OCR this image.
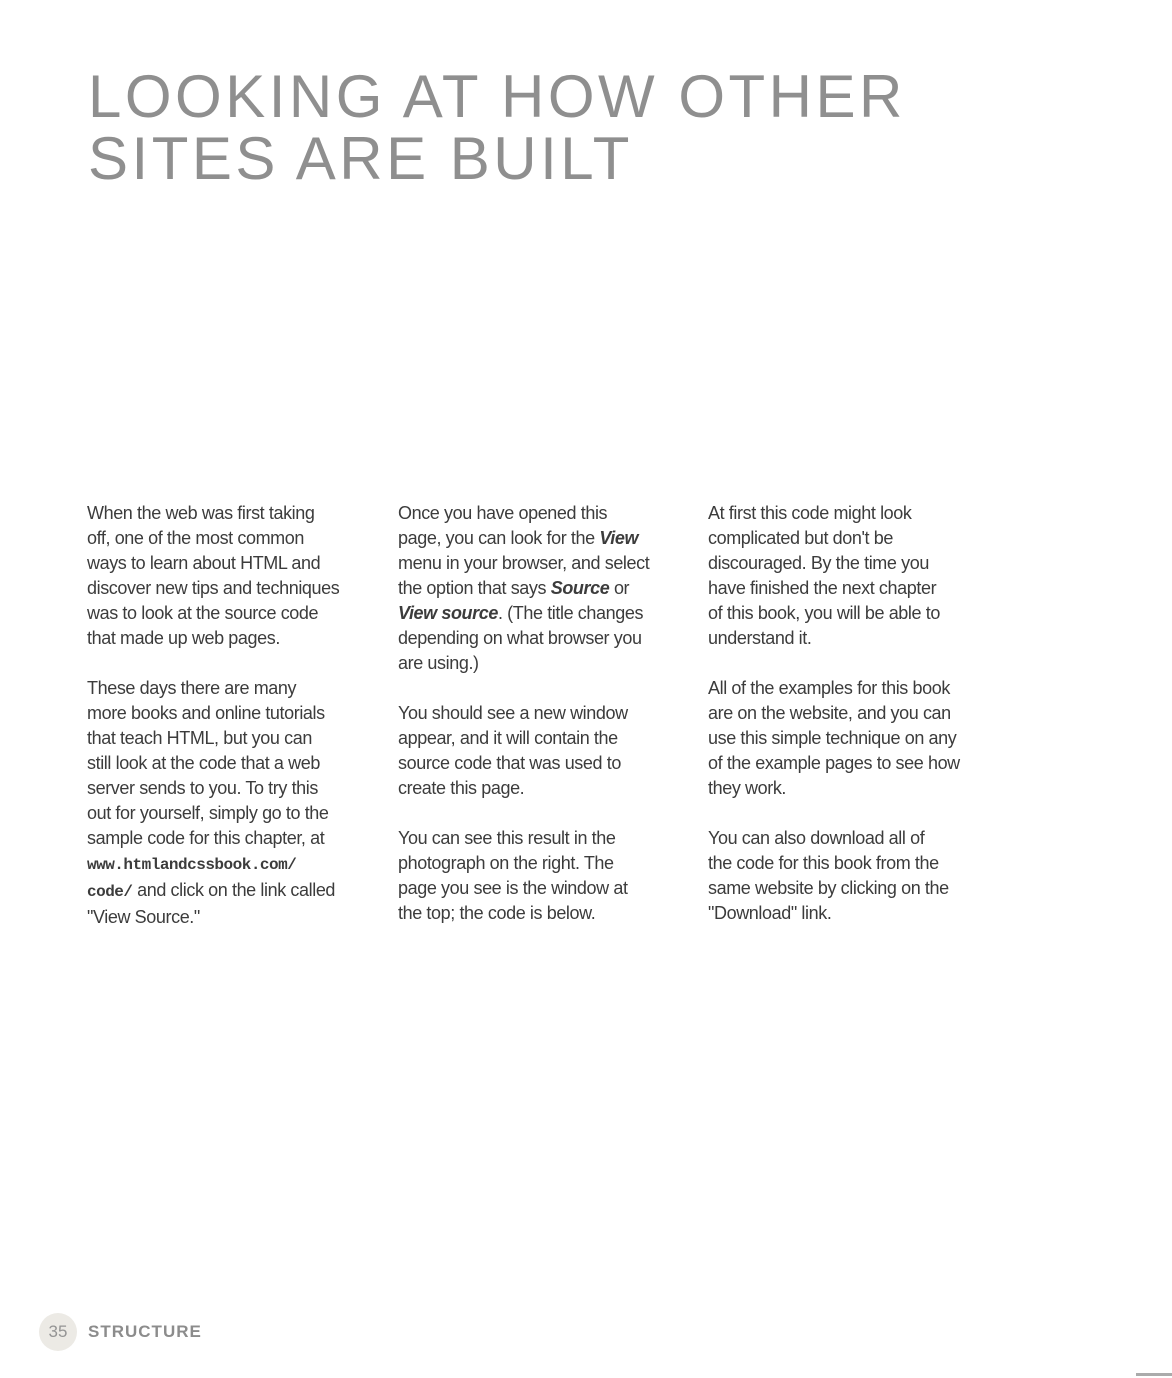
LOOKING AT HOW OTHER
SITES ARE BUILT
When the web was first taking
off, one of the most common
ways to learn about HTML and
discover new tips and techniques
was to look at the source code
that made up web pages.
These days there are many
more books and online tutorials
that teach HTML, but you can
still look at the code that a web
server sends to you. To try this
out for yourself, simply go to the
sample code for this chapter, at
www.htmlandcssbook.com/
code/ and click on the link called
"View Source."
Once you have opened this
page, you can look for the View
menu in your browser, and select
the option that says Source or
View source. (The title changes
depending on what browser you
are using.)
You should see a new window
appear, and it will contain the
source code that was used to
create this page.
You can see this result in the
photograph on the right. The
page you see is the window at
the top; the code is below.
At first this code might look
complicated but don't be
discouraged. By the time you
have finished the next chapter
of this book, you will be able to
understand it.
All of the examples for this book
are on the website, and you can
use this simple technique on any
of the example pages to see how
they work.
You can also download all of
the code for this book from the
same website by clicking on the
"Download" link.
35 STRUCTURE
